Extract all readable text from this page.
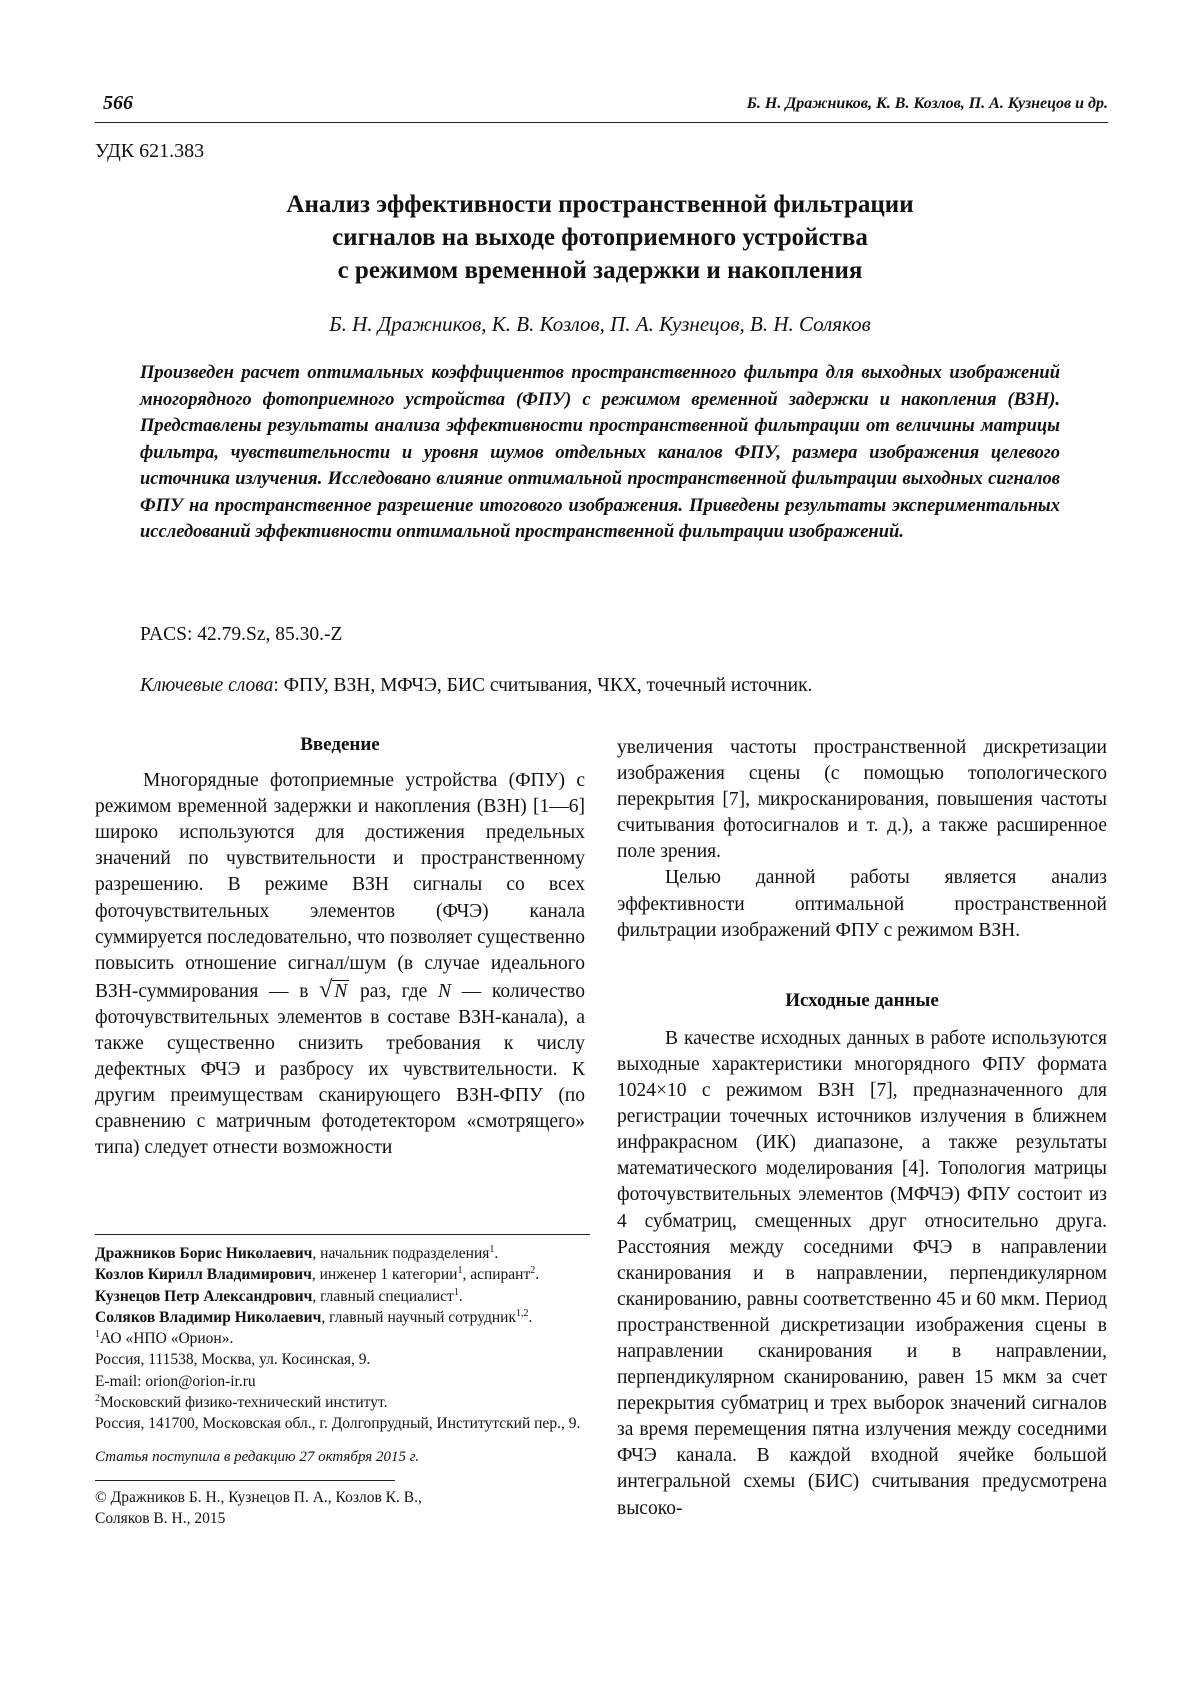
566	Б. Н. Дражников, К. В. Козлов, П. А. Кузнецов и др.
УДК 621.383
Анализ эффективности пространственной фильтрации
сигналов на выходе фотоприемного устройства
с режимом временной задержки и накопления
Б. Н. Дражников, К. В. Козлов, П. А. Кузнецов, В. Н. Соляков
Произведен расчет оптимальных коэффициентов пространственного фильтра для выходных изображений многорядного фотоприемного устройства (ФПУ) с режимом временной задержки и накопления (ВЗН). Представлены результаты анализа эффективности пространственной фильтрации от величины матрицы фильтра, чувствительности и уровня шумов отдельных каналов ФПУ, размера изображения целевого источника излучения. Исследовано влияние оптимальной пространственной фильтрации выходных сигналов ФПУ на пространственное разрешение итогового изображения. Приведены результаты экспериментальных исследований эффективности оптимальной пространственной фильтрации изображений.
PACS: 42.79.Sz, 85.30.-Z
Ключевые слова: ФПУ, ВЗН, МФЧЭ, БИС считывания, ЧКХ, точечный источник.

Введение

Многорядные фотоприемные устройства (ФПУ) с режимом временной задержки и накопления (ВЗН) [1—6] широко используются для достижения предельных значений по чувствительности и пространственному разрешению. В режиме ВЗН сигналы со всех фоточувствительных элементов (ФЧЭ) канала суммируется последовательно, что позволяет существенно повысить отношение сигнал/шум (в случае идеального ВЗН-суммирования — в √ N раз, где N — количество фоточувствительных элементов в составе ВЗН-канала), а также существенно снизить требования к числу дефектных ФЧЭ и разбросу их чувствительности. К другим преимуществам сканирующего ВЗН-ФПУ (по сравнению с матричным фотодетектором «смотрящего» типа) следует отнести возможности

Дражников Борис Николаевич, начальник подразделения$^1$.

Козлов Кирилл Владимирович, инженер 1 категории$^1$, аспирант$^2$.

Кузнецов Петр Александрович, главный специалист$^1$.

Соляков Владимир Николаевич, главный научный сотрудник$^{1,2}$.

$^1$АО «НПО «Орион».

Россия, 111538, Москва, ул. Косинская, 9.

E-mail: orion@orion-ir.ru

$^2$Московский физико-технический институт.

Россия, 141700, Московская обл., г. Долгопрудный, Институтский пер., 9.

Статья поступила в редакцию 27 октября 2015 г.

© Дражников Б. Н., Кузнецов П. А., Козлов К. В.,

Соляков В. Н., 2015

увеличения частоты пространственной дискретизации изображения сцены (с помощью топологического перекрытия [7], микросканирования, повышения частоты считывания фотосигналов и т. д.), а также расширенное поле зрения.

Целью данной работы является анализ эффективности оптимальной пространственной фильтрации изображений ФПУ с режимом ВЗН.

Исходные данные

В качестве исходных данных в работе используются выходные характеристики многорядного ФПУ формата 1024×10 с режимом ВЗН [7], предназначенного для регистрации точечных источников излучения в ближнем инфракрасном (ИК) диапазоне, а также результаты математического моделирования [4]. Топология матрицы фоточувствительных элементов (МФЧЭ) ФПУ состоит из 4 субматриц, смещенных друг относительно друга. Расстояния между соседними ФЧЭ в направлении сканирования и в направлении, перпендикулярном сканированию, равны соответственно 45 и 60 мкм. Период пространственной дискретизации изображения сцены в направлении сканирования и в направлении, перпендикулярном сканированию, равен 15 мкм за счет перекрытия субматриц и трех выборок значений сигналов за время перемещения пятна излучения между соседними ФЧЭ канала. В каждой входной ячейке большой интегральной схемы (БИС) считывания предусмотрена высоко-
